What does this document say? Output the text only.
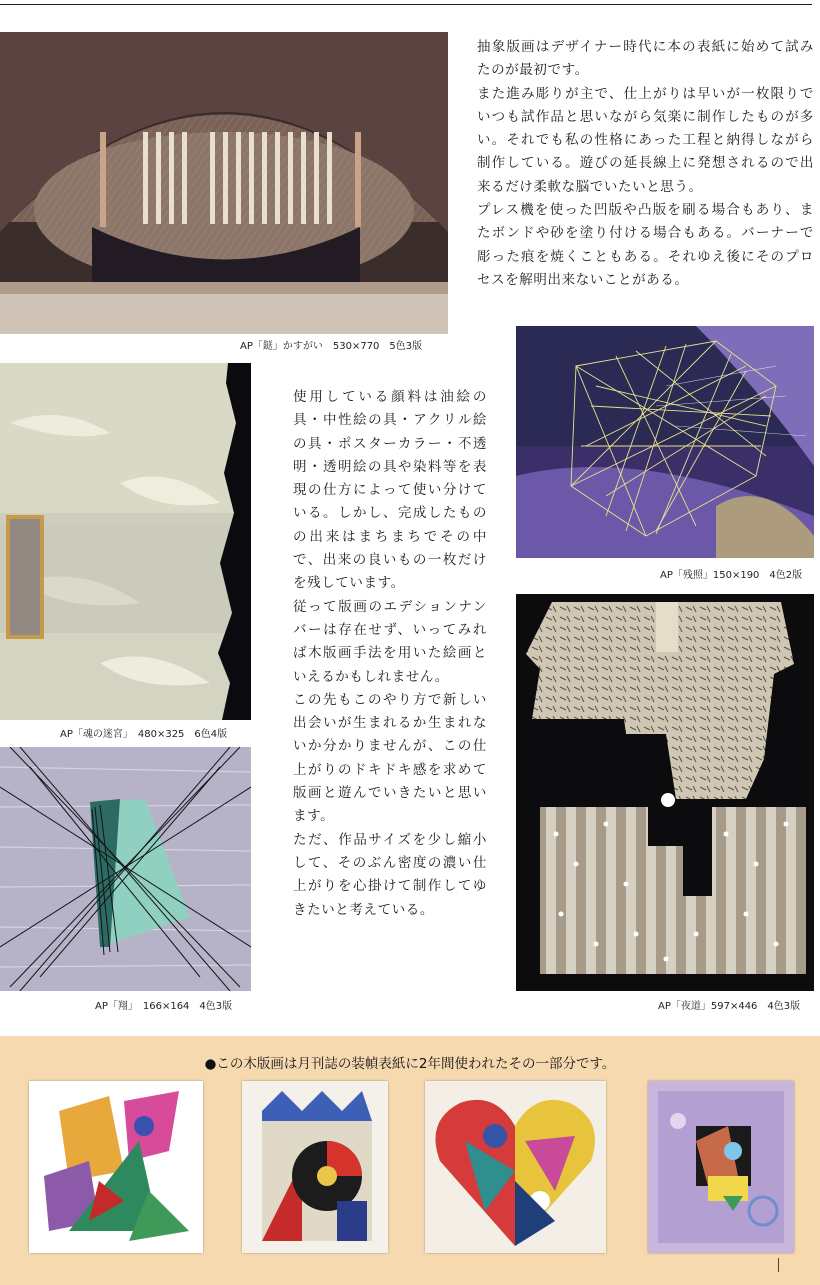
AP「鎹」かすがい　530×770　5色3版

抽象版画はデザイナー時代に本の表紙に始めて試みたのが最初です。

また進み彫りが主で、仕上がりは早いが一枚限りでいつも試作品と思いながら気楽に制作したものが多い。それでも私の性格にあった工程と納得しながら制作している。遊びの延長線上に発想されるので出来るだけ柔軟な脳でいたいと思う。

プレス機を使った凹版や凸版を刷る場合もあり、またボンドや砂を塗り付ける場合もある。バーナーで彫った痕を焼くこともある。それゆえ後にそのプロセスを解明出来ないことがある。

AP「残照」150×190　4色2版
AP「魂の迷宮」　480×325　6色4版
AP「翔」　166×164　4色3版

使用している顔料は油絵の具・中性絵の具・アクリル絵の具・ポスターカラー・不透明・透明絵の具や染料等を表現の仕方によって使い分けている。しかし、完成したものの出来はまちまちでその中で、出来の良いもの一枚だけを残しています。

従って版画のエデションナンバーは存在せず、いってみれば木版画手法を用いた絵画といえるかもしれません。

この先もこのやり方で新しい出会いが生まれるか生まれないか分かりませんが、この仕上がりのドキドキ感を求めて版画と遊んでいきたいと思います。

ただ、作品サイズを少し縮小して、そのぶん密度の濃い仕上がりを心掛けて制作してゆきたいと考えている。

AP「夜道」597×446　4色3版
●この木版画は月刊誌の装幀表紙に2年間使われたその一部分です。
